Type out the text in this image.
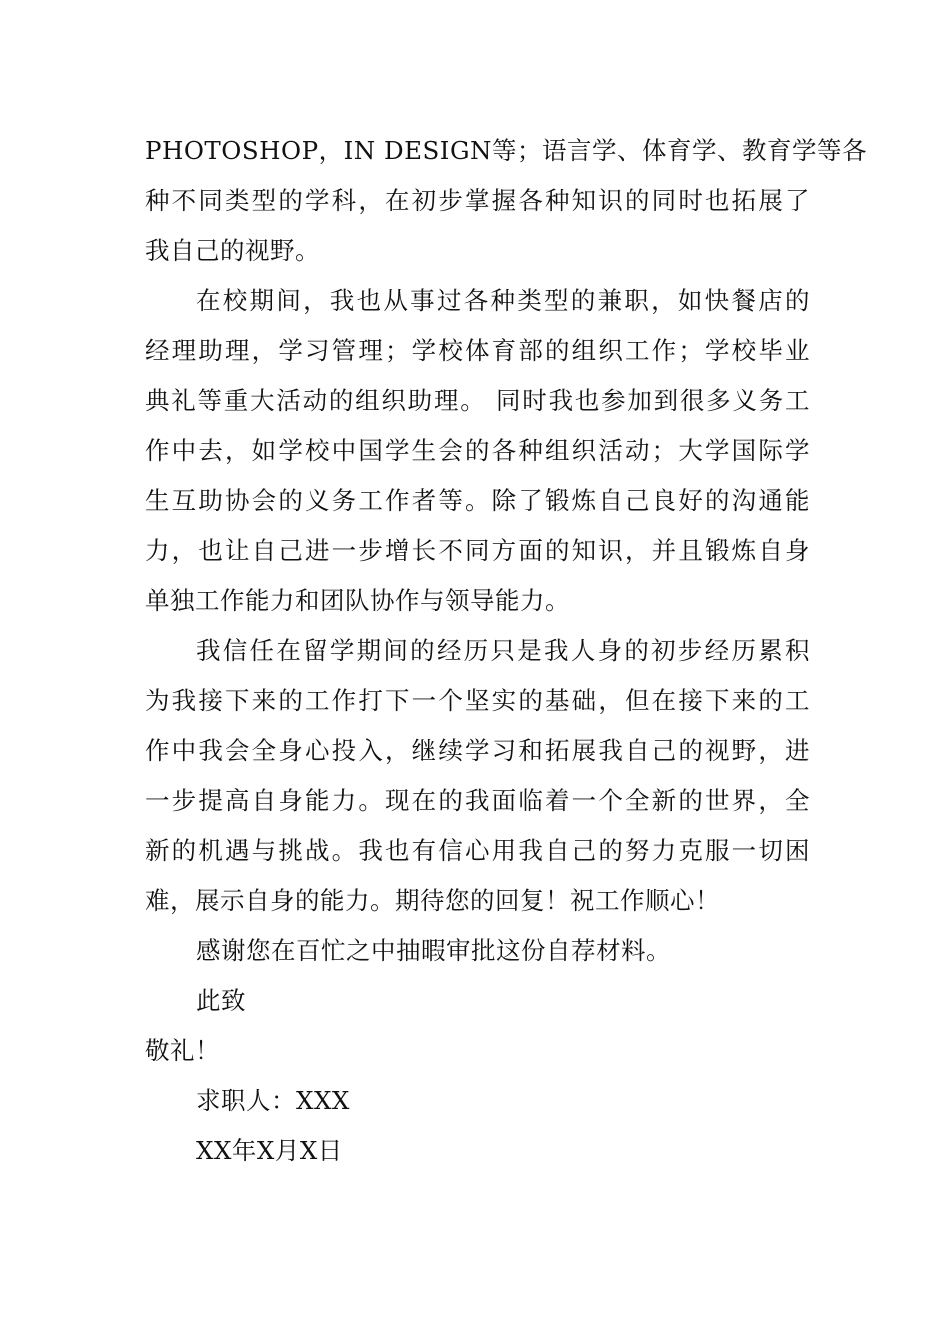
PHOTOSHOP，IN DESIGN等；语言学、体育学、教育学等各
种不同类型的学科，在初步掌握各种知识的同时也拓展了
我自己的视野。
在校期间，我也从事过各种类型的兼职，如快餐店的
经理助理，学习管理；学校体育部的组织工作；学校毕业
典礼等重大活动的组织助理。 同时我也参加到很多义务工
作中去，如学校中国学生会的各种组织活动；大学国际学
生互助协会的义务工作者等。除了锻炼自己良好的沟通能
力，也让自己进一步增长不同方面的知识，并且锻炼自身
单独工作能力和团队协作与领导能力。
我信任在留学期间的经历只是我人身的初步经历累积
为我接下来的工作打下一个坚实的基础，但在接下来的工
作中我会全身心投入，继续学习和拓展我自己的视野，进
一步提高自身能力。现在的我面临着一个全新的世界，全
新的机遇与挑战。我也有信心用我自己的努力克服一切困
难，展示自身的能力。期待您的回复！祝工作顺心！
感谢您在百忙之中抽暇审批这份自荐材料。
此致
敬礼！
求职人：XXX
XX年X月X日
